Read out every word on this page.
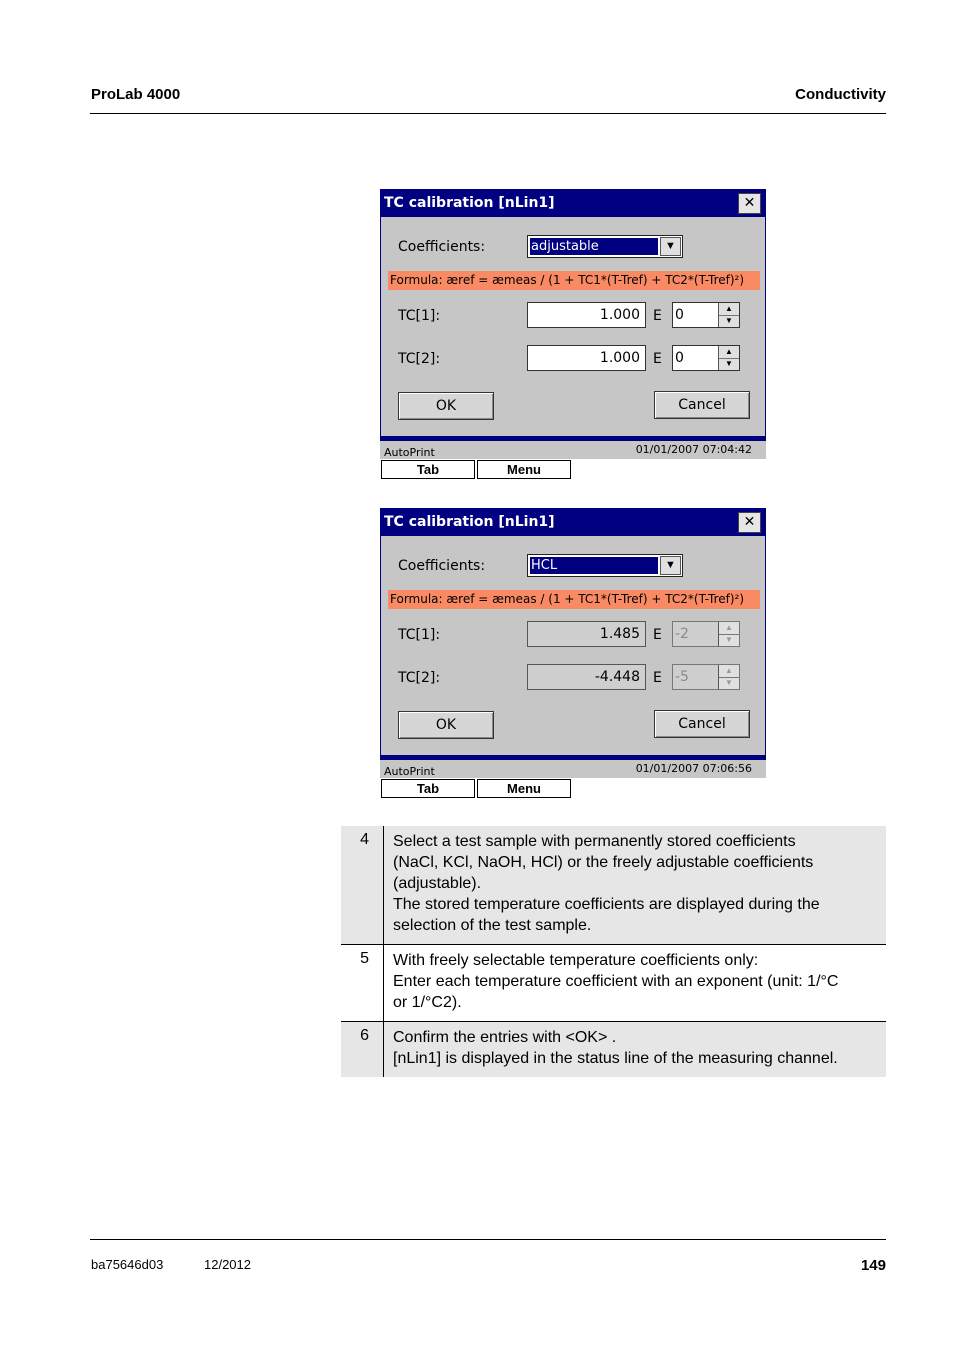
ProLab 4000	Conductivity
TC calibration [nLin1]	✕
Coefficients:	adjustable	▼
Formula: æref = æmeas / (1 + TC1*(T-Tref) + TC2*(T-Tref)²)
TC[1]:	1.000 E 0	▲
▼
TC[2]:	1.000 E 0	▲
▼
OK	Cancel
AutoPrint	01/01/2007 07:04:42
Tab	Menu
TC calibration [nLin1]	✕
Coefficients:	HCL	▼
Formula: æref = æmeas / (1 + TC1*(T-Tref) + TC2*(T-Tref)²)
TC[1]:	1.485 E -2	▲
▼
TC[2]:	-4.448 E -5	▲
▼
OK	Cancel
AutoPrint	01/01/2007 07:06:56
Tab	Menu
4	Select a test sample with permanently stored coefficients
(NaCl, KCl, NaOH, HCl) or the freely adjustable coefficients
(adjustable).
The stored temperature coefficients are displayed during the
selection of the test sample.
5	With freely selectable temperature coefficients only:
Enter each temperature coefficient with an exponent (unit: 1/°C
or 1/°C2).
6	Confirm the entries with <OK> .
[nLin1] is displayed in the status line of the measuring channel.
ba75646d03	12/2012	149
